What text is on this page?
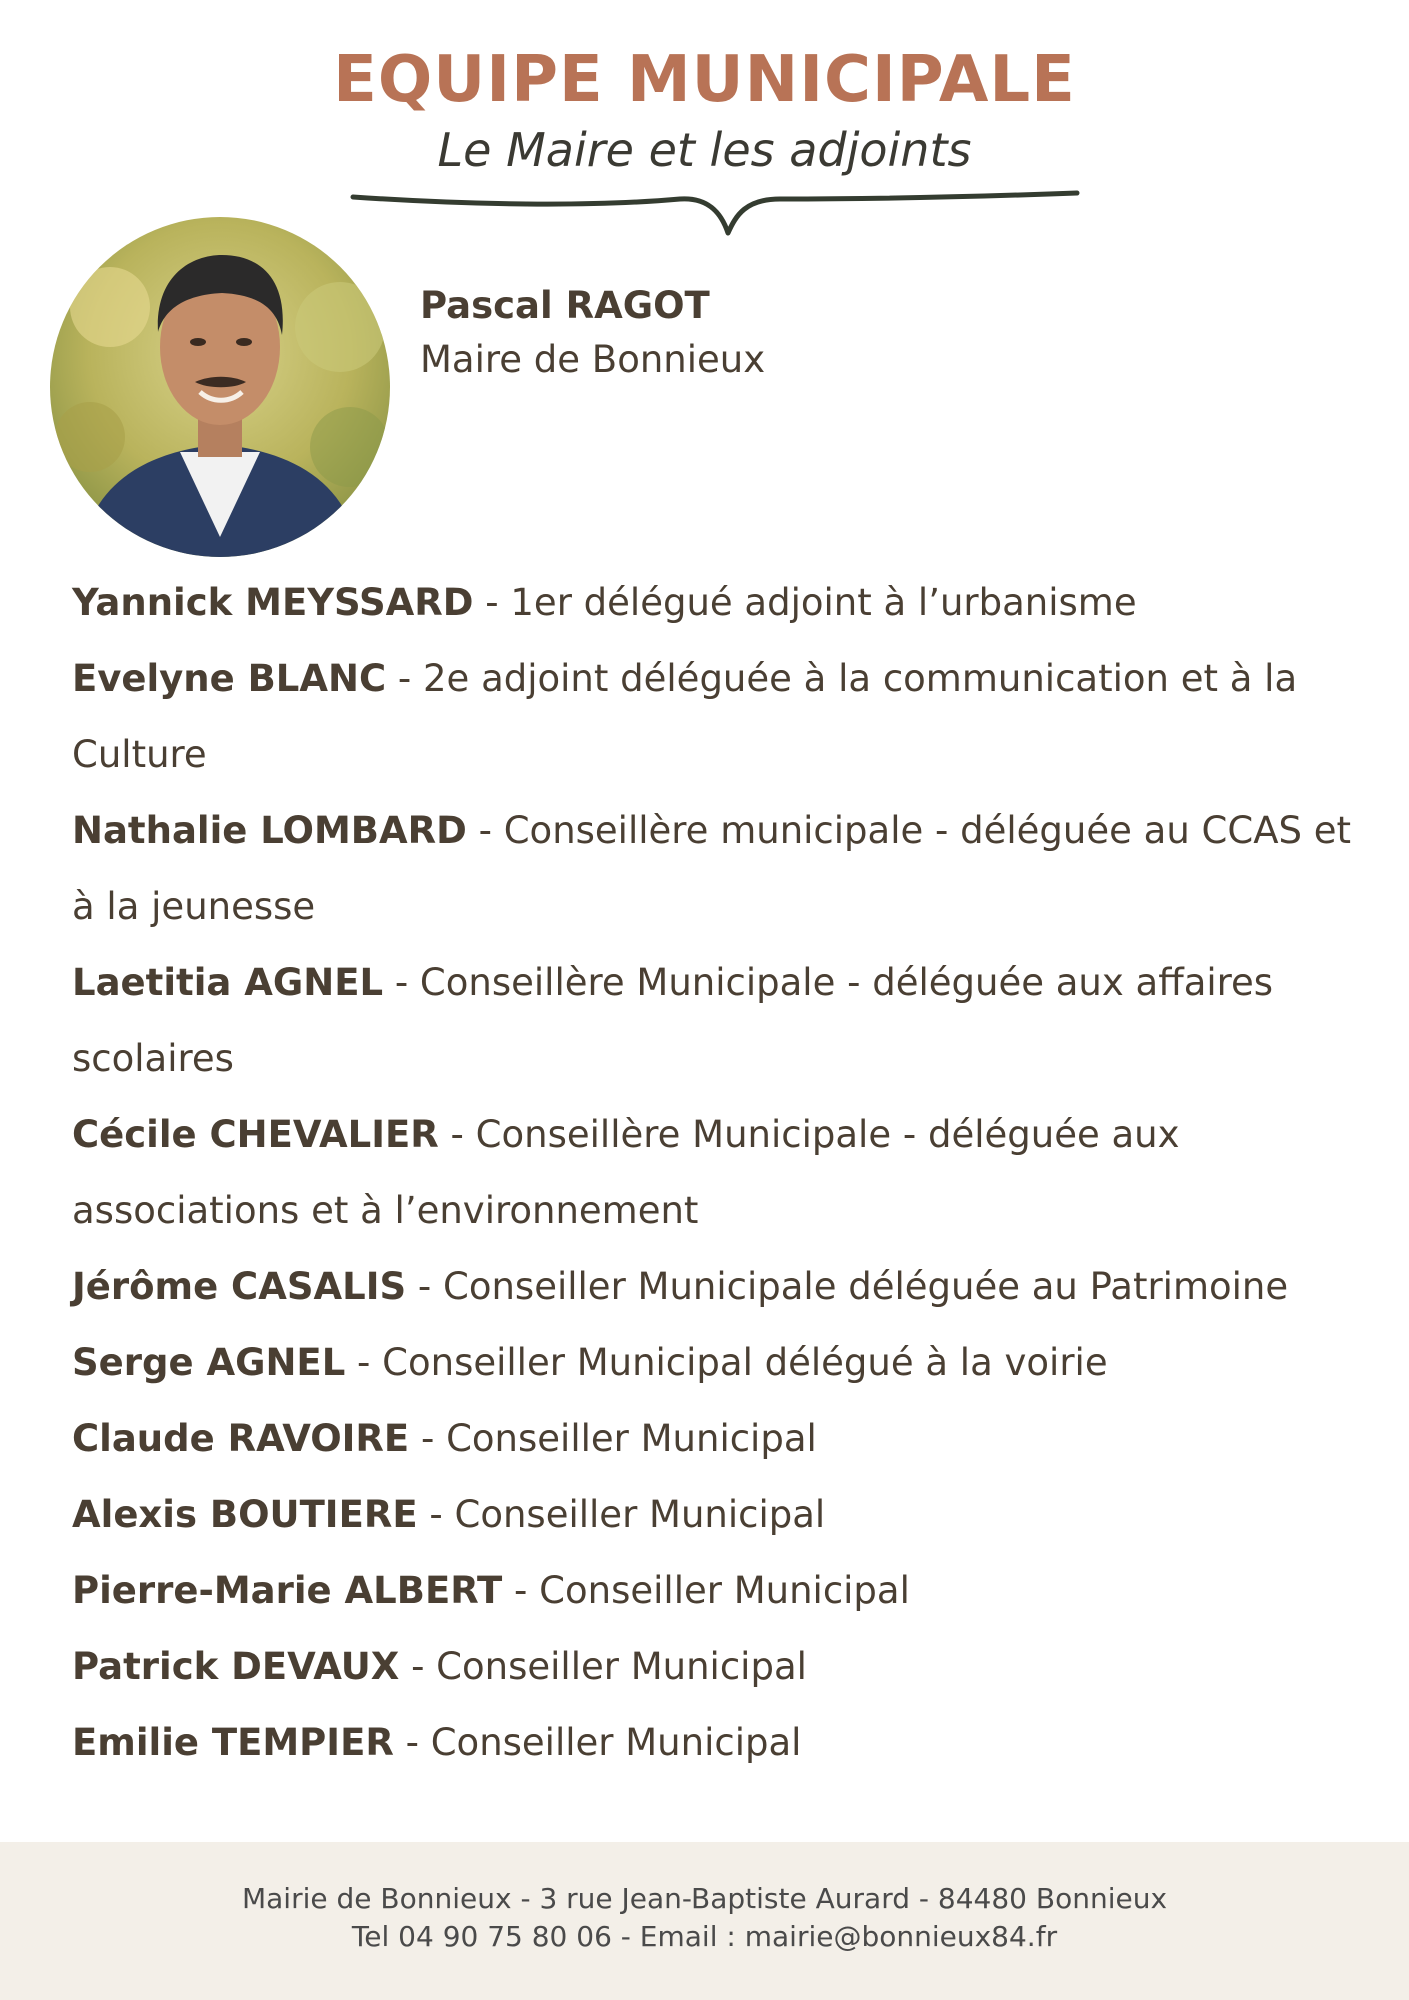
EQUIPE MUNICIPALE
Le Maire et les adjoints
Pascal RAGOT
Maire de Bonnieux
Yannick MEYSSARD - 1er délégué adjoint à l’urbanisme
Evelyne BLANC - 2e adjoint déléguée à la communication et à la Culture
Nathalie LOMBARD - Conseillère municipale - déléguée au CCAS et à la jeunesse
Laetitia AGNEL - Conseillère Municipale - déléguée aux affaires scolaires
Cécile CHEVALIER - Conseillère Municipale - déléguée aux associations et à l’environnement
Jérôme CASALIS - Conseiller Municipale déléguée au Patrimoine
Serge AGNEL - Conseiller Municipal délégué à la voirie
Claude RAVOIRE - Conseiller Municipal
Alexis BOUTIERE - Conseiller Municipal
Pierre-Marie ALBERT - Conseiller Municipal
Patrick DEVAUX - Conseiller Municipal
Emilie TEMPIER - Conseiller Municipal
Mairie de Bonnieux - 3 rue Jean-Baptiste Aurard - 84480 Bonnieux
Tel 04 90 75 80 06 - Email : mairie@bonnieux84.fr
